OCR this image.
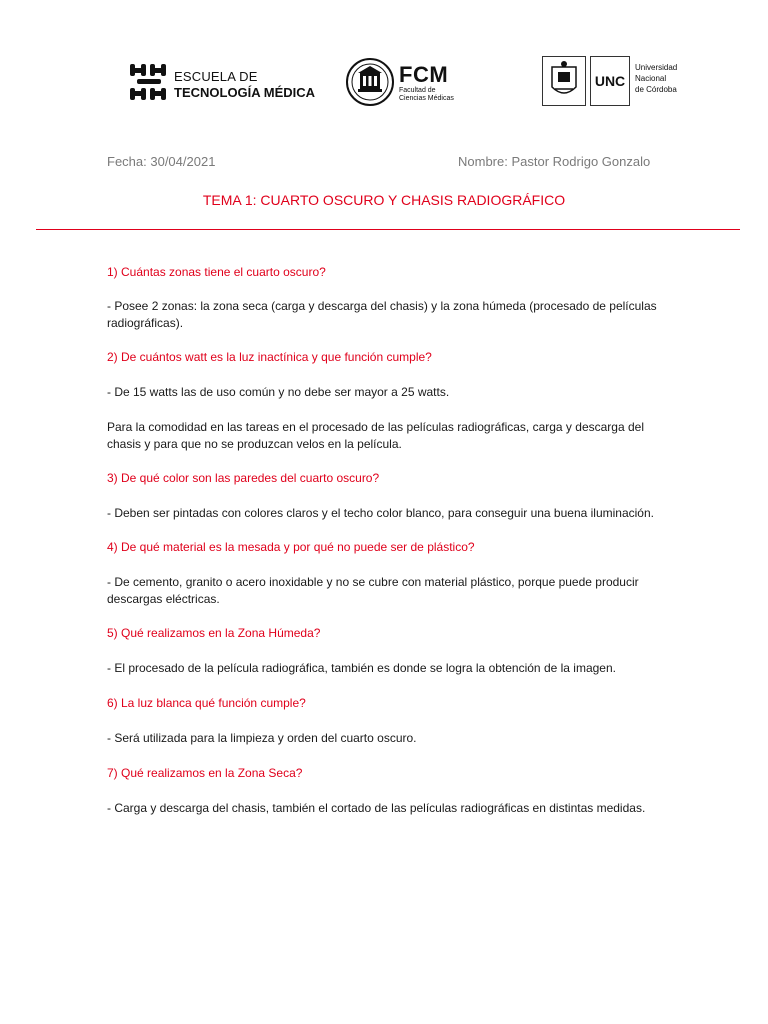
ESCUELA DE
TECNOLOGÍA MÉDICA
FCM
Facultad de
Ciencias Médicas
UNC
Universidad
Nacional
de Córdoba
Fecha: 30/04/2021	Nombre: Pastor Rodrigo Gonzalo
TEMA 1: CUARTO OSCURO Y CHASIS RADIOGRÁFICO

1) Cuántas zonas tiene el cuarto oscuro?

- Posee 2 zonas: la zona seca (carga y descarga del chasis) y la zona húmeda (procesado de películas radiográficas).

2) De cuántos watt es la luz inactínica y que función cumple?

- De 15 watts las de uso común y no debe ser mayor a 25 watts.

Para la comodidad en las tareas en el procesado de las películas radiográficas, carga y descarga del chasis y para que no se produzcan velos en la película.

3) De qué color son las paredes del cuarto oscuro?

- Deben ser pintadas con colores claros y el techo color blanco, para conseguir una buena iluminación.

4) De qué material es la mesada y por qué no puede ser de plástico?

- De cemento, granito o acero inoxidable y no se cubre con material plástico, porque puede producir descargas eléctricas.

5) Qué realizamos en la Zona Húmeda?

- El procesado de la película radiográfica, también es donde se logra la obtención de la imagen.

6) La luz blanca qué función cumple?

- Será utilizada para la limpieza y orden del cuarto oscuro.

7) Qué realizamos en la Zona Seca?

- Carga y descarga del chasis, también el cortado de las películas radiográficas en distintas medidas.
